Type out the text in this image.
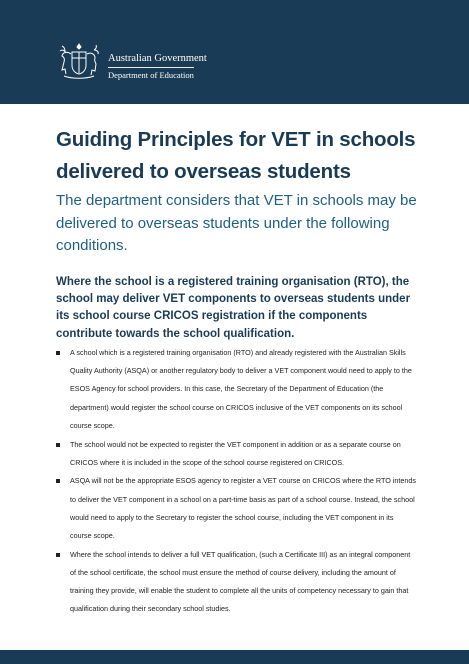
Australian Government
Department of Education
Guiding Principles for VET in schools delivered to overseas students
The department considers that VET in schools may be delivered to overseas students under the following conditions.
Where the school is a registered training organisation (RTO), the school may deliver VET components to overseas students under its school course CRICOS registration if the components contribute towards the school qualification.
A school which is a registered training organisation (RTO) and already registered with the Australian Skills Quality Authority (ASQA) or another regulatory body to deliver a VET component would need to apply to the ESOS Agency for school providers. In this case, the Secretary of the Department of Education (the department) would register the school course on CRICOS inclusive of the VET components on its school course scope.
The school would not be expected to register the VET component in addition or as a separate course on CRICOS where it is included in the scope of the school course registered on CRICOS.
ASQA will not be the appropriate ESOS agency to register a VET course on CRICOS where the RTO intends to deliver the VET component in a school on a part-time basis as part of a school course. Instead, the school would need to apply to the Secretary to register the school course, including the VET component in its course scope.
Where the school intends to deliver a full VET qualification, (such a Certificate III) as an integral component of the school certificate, the school must ensure the method of course delivery, including the amount of training they provide, will enable the student to complete all the units of competency necessary to gain that qualification during their secondary school studies.
